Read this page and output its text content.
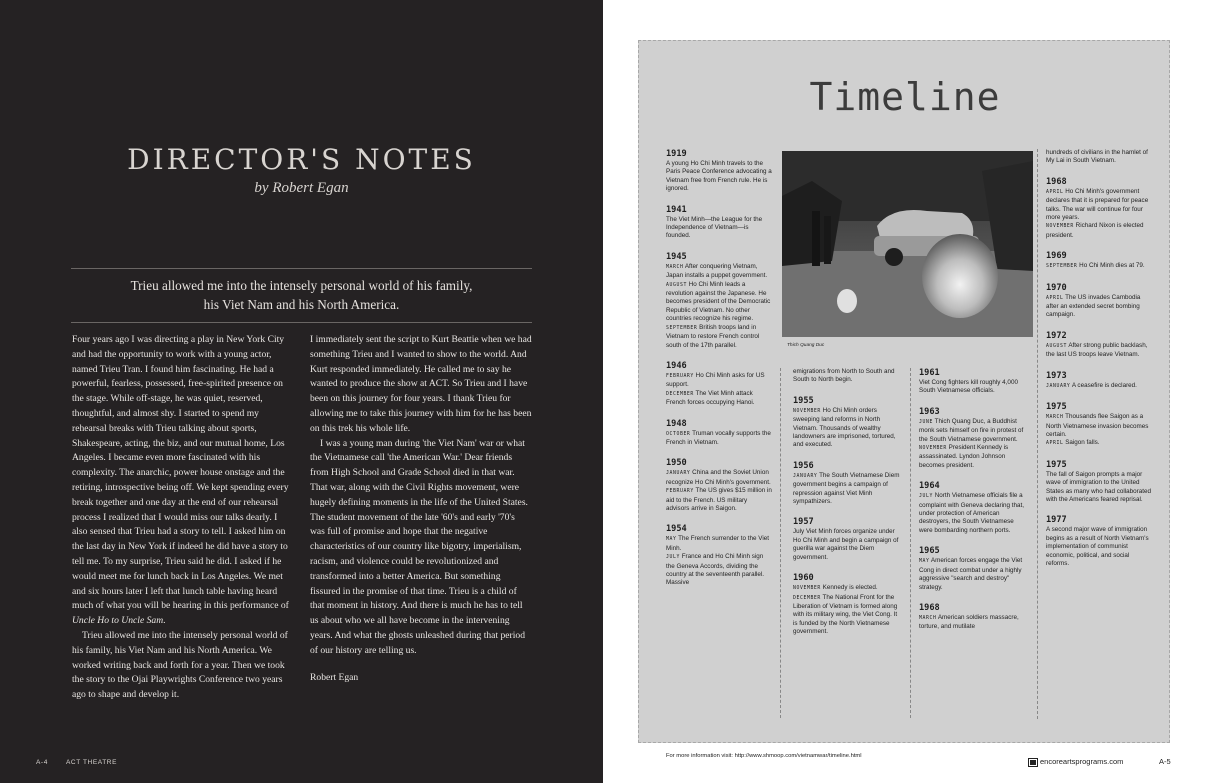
DIRECTOR'S NOTES
by Robert Egan
Trieu allowed me into the intensely personal world of his family,
his Viet Nam and his North America.

Four years ago I was directing a play in New York City and had the opportunity to work with a young actor, named Trieu Tran. I found him fascinating. He had a powerful, fearless, possessed, free-spirited presence on the stage. While off-stage, he was quiet, reserved, thoughtful, and almost shy. I started to spend my rehearsal breaks with Trieu talking about sports, Shakespeare, acting, the biz, and our mutual home, Los Angeles. I became even more fascinated with his complexity. The anarchic, power house onstage and the retiring, introspective being off. We kept spending every break together and one day at the end of our rehearsal process I realized that I would miss our talks dearly. I also sensed that Trieu had a story to tell. I asked him on the last day in New York if indeed he did have a story to tell me. To my surprise, Trieu said he did. I asked if he would meet me for lunch back in Los Angeles. We met and six hours later I left that lunch table having heard much of what you will be hearing in this performance of Uncle Ho to Uncle Sam.

Trieu allowed me into the intensely personal world of his family, his Viet Nam and his North America. We worked writing back and forth for a year. Then we took the story to the Ojai Playwrights Conference two years ago to shape and develop it.

I immediately sent the script to Kurt Beattie when we had something Trieu and I wanted to show to the world. And Kurt responded immediately. He called me to say he wanted to produce the show at ACT. So Trieu and I have been on this journey for four years. I thank Trieu for allowing me to take this journey with him for he has been on this trek his whole life.

I was a young man during 'the Viet Nam' war or what the Vietnamese call 'the American War.' Dear friends from High School and Grade School died in that war. That war, along with the Civil Rights movement, were hugely defining moments in the life of the United States. The student movement of the late '60's and early '70's was full of promise and hope that the negative characteristics of our country like bigotry, imperialism, racism, and violence could be revolutionized and transformed into a better America. But something fissured in the promise of that time. Trieu is a child of that moment in history. And there is much he has to tell us about who we all have become in the intervening years. And what the ghosts unleashed during that period of our history are telling us.

Robert Egan

A-4	ACT THEATRE
Timeline
Thich Quang Duc
1919
A young Ho Chi Minh travels to the Paris Peace Conference advocating a Vietnam free from French rule. He is ignored.
1941
The Viet Minh—the League for the Independence of Vietnam—is founded.
1945
MARCH After conquering Vietnam, Japan installs a puppet government.
AUGUST Ho Chi Minh leads a revolution against the Japanese. He becomes president of the Democratic Republic of Vietnam. No other countries recognize his regime.
SEPTEMBER British troops land in Vietnam to restore French control south of the 17th parallel.
1946
FEBRUARY Ho Chi Minh asks for US support.
DECEMBER The Viet Minh attack French forces occupying Hanoi.
1948
OCTOBER Truman vocally supports the French in Vietnam.
1950
JANUARY China and the Soviet Union recognize Ho Chi Minh's government.
FEBRUARY The US gives $15 million in aid to the French. US military advisors arrive in Saigon.
1954
MAY The French surrender to the Viet Minh.
JULY France and Ho Chi Minh sign the Geneva Accords, dividing the country at the seventeenth parallel. Massive
emigrations from North to South and South to North begin.
1955
NOVEMBER Ho Chi Minh orders sweeping land reforms in North Vietnam. Thousands of wealthy landowners are imprisoned, tortured, and executed.
1956
JANUARY The South Vietnamese Diem government begins a campaign of repression against Viet Minh sympathizers.
1957
July Viet Minh forces organize under Ho Chi Minh and begin a campaign of guerilla war against the Diem government.
1960
NOVEMBER Kennedy is elected.
DECEMBER The National Front for the Liberation of Vietnam is formed along with its military wing, the Viet Cong. It is funded by the North Vietnamese government.
1961
Viet Cong fighters kill roughly 4,000 South Vietnamese officials.
1963
JUNE Thich Quang Duc, a Buddhist monk sets himself on fire in protest of the South Vietnamese government.
NOVEMBER President Kennedy is assassinated. Lyndon Johnson becomes president.
1964
JULY North Vietnamese officials file a complaint with Geneva declaring that, under protection of American destroyers, the South Vietnamese were bombarding northern ports.
1965
MAY American forces engage the Viet Cong in direct combat under a highly aggressive "search and destroy" strategy.
1968
MARCH American soldiers massacre, torture, and mutilate
hundreds of civilians in the hamlet of My Lai in South Vietnam.
1968
APRIL Ho Chi Minh's government declares that it is prepared for peace talks. The war will continue for four more years.
NOVEMBER Richard Nixon is elected president.
1969
SEPTEMBER Ho Chi Minh dies at 79.
1970
APRIL The US invades Cambodia after an extended secret bombing campaign.
1972
AUGUST After strong public backlash, the last US troops leave Vietnam.
1973
JANUARY A ceasefire is declared.
1975
MARCH Thousands flee Saigon as a North Vietnamese invasion becomes certain.
APRIL Saigon falls.
1975
The fall of Saigon prompts a major wave of immigration to the United States as many who had collaborated with the Americans feared reprisal.
1977
A second major wave of immigration begins as a result of North Vietnam's implementation of communist economic, political, and social reforms.
For more information visit: http://www.shmoop.com/vietnamwar/timeline.html
encoreartsprograms.com	A-5
